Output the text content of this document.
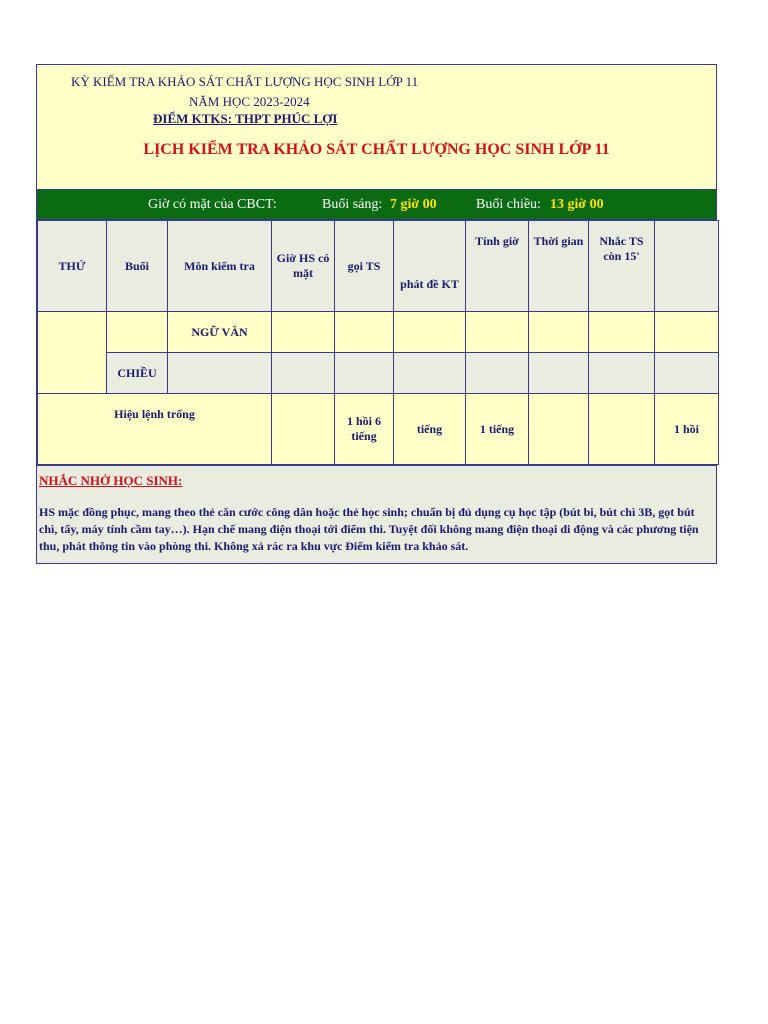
KỲ KIỂM TRA KHẢO SÁT CHẤT LƯỢNG HỌC SINH LỚP 11
NĂM HỌC 2023-2024
ĐIỂM KTKS: THPT PHÚC LỢI
LỊCH KIỂM TRA KHẢO SÁT CHẤT LƯỢNG HỌC SINH LỚP 11
Giờ có mặt của CBCT:	Buổi sáng: 7 giờ 00	Buổi chiều: 13 giờ 00
THỨ	Buổi	Môn kiểm tra	Giờ HS có mặt	gọi TS	phát đề KT	Tính giờ	Thời gian	Nhắc TS còn 15'	
		NGỮ VĂN							
	CHIỀU								
Hiệu lệnh trống				1 hồi 6 tiếng	tiếng	1 tiếng			1 hồi
NHẮC NHỞ HỌC SINH:
HS mặc đồng phục, mang theo thẻ căn cước công dân hoặc thẻ học sinh; chuẩn bị đủ dụng cụ học tập (bút bi, bút chì 3B, gọt bút chì, tẩy, máy tính cầm tay…). Hạn chế mang điện thoại tới điểm thi. Tuyệt đối không mang điện thoại di động và các phương tiện thu, phát thông tin vào phòng thi. Không xả rác ra khu vực Điểm kiểm tra khảo sát.
